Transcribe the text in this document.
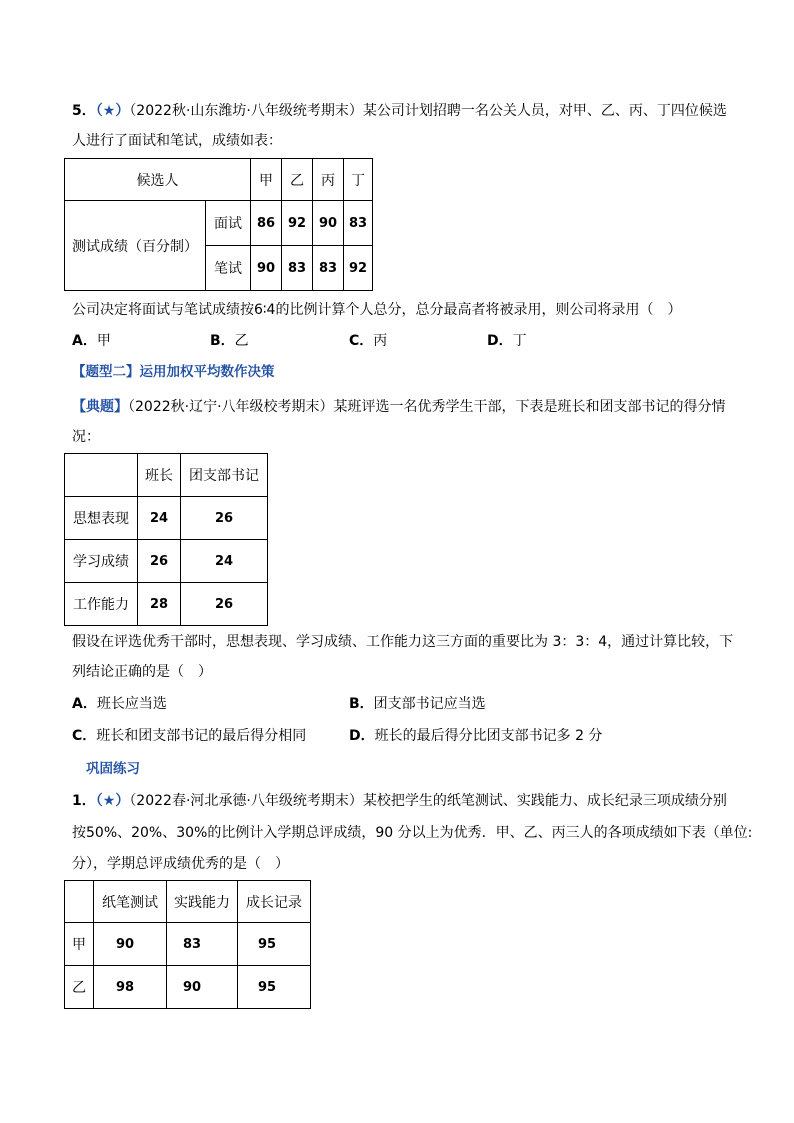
5．（★）（2022秋·山东潍坊·八年级统考期末）某公司计划招聘一名公关人员，对甲、乙、丙、丁四位候选
人进行了面试和笔试，成绩如表：
候选人		甲	乙	丙	丁
测试成绩（百分制）	面试	86	92	90	83
	笔试	90	83	83	92
公司决定将面试与笔试成绩按6∶4的比例计算个人总分，总分最高者将被录用，则公司将录用（　）
A．甲	B．乙	C．丙	D．丁
【题型二】运用加权平均数作决策
【典题】（2022秋·辽宁·八年级校考期末）某班评选一名优秀学生干部，下表是班长和团支部书记的得分情
况：
	班长	团支部书记
思想表现	24	26
学习成绩	26	24
工作能力	28	26
假设在评选优秀干部时，思想表现、学习成绩、工作能力这三方面的重要比为 3：3：4，通过计算比较，下
列结论正确的是（　）
A．班长应当选	B．团支部书记应当选
C．班长和团支部书记的最后得分相同	D．班长的最后得分比团支部书记多 2 分
巩固练习
1．（★）（2022春·河北承德·八年级统考期末）某校把学生的纸笔测试、实践能力、成长纪录三项成绩分别
按50%、20%、30%的比例计入学期总评成绩，90 分以上为优秀．甲、乙、丙三人的各项成绩如下表（单位:
分），学期总评成绩优秀的是（　）
	纸笔测试	实践能力	成长记录
甲	90	83	95
乙	98	90	95
